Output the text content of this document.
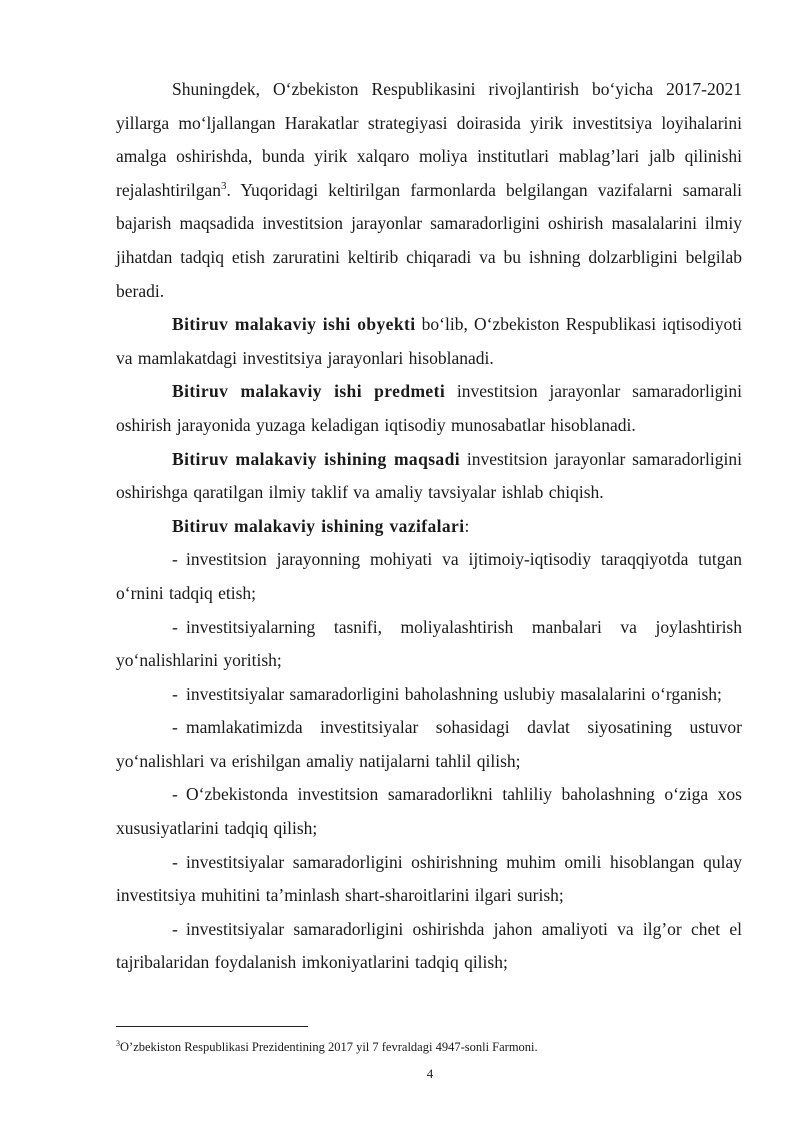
Shuningdek, O‘zbekiston Respublikasini rivojlantirish bo‘yicha 2017-2021 yillarga mo‘ljallangan Harakatlar strategiyasi doirasida yirik investitsiya loyihalarini amalga oshirishda, bunda yirik xalqaro moliya institutlari mablag’lari jalb qilinishi rejalashtirilgan$^3$. Yuqoridagi keltirilgan farmonlarda belgilangan vazifalarni samarali bajarish maqsadida investitsion jarayonlar samaradorligini oshirish masalalarini ilmiy jihatdan tadqiq etish zaruratini keltirib chiqaradi va bu ishning dolzarbligini belgilab beradi.

Bitiruv malakaviy ishi obyekti bo‘lib, O‘zbekiston Respublikasi iqtisodiyoti va mamlakatdagi investitsiya jarayonlari hisoblanadi.

Bitiruv malakaviy ishi predmeti investitsion jarayonlar samaradorligini oshirish jarayonida yuzaga keladigan iqtisodiy munosabatlar hisoblanadi.

Bitiruv malakaviy ishining maqsadi investitsion jarayonlar samaradorligini oshirishga qaratilgan ilmiy taklif va amaliy tavsiyalar ishlab chiqish.

Bitiruv malakaviy ishining vazifalari:

- investitsion jarayonning mohiyati va ijtimoiy-iqtisodiy taraqqiyotda tutgan o‘rnini tadqiq etish;

- investitsiyalarning tasnifi, moliyalashtirish manbalari va joylashtirish yo‘nalishlarini yoritish;

- investitsiyalar samaradorligini baholashning uslubiy masalalarini o‘rganish;

- mamlakatimizda investitsiyalar sohasidagi davlat siyosatining ustuvor yo‘nalishlari va erishilgan amaliy natijalarni tahlil qilish;

- O‘zbekistonda investitsion samaradorlikni tahliliy baholashning o‘ziga xos xususiyatlarini tadqiq qilish;

- investitsiyalar samaradorligini oshirishning muhim omili hisoblangan qulay investitsiya muhitini ta’minlash shart-sharoitlarini ilgari surish;

- investitsiyalar samaradorligini oshirishda jahon amaliyoti va ilg’or chet el tajribalaridan foydalanish imkoniyatlarini tadqiq qilish;

$^3$O’zbekiston Respublikasi Prezidentining 2017 yil 7 fevraldagi 4947-sonli Farmoni.
4
